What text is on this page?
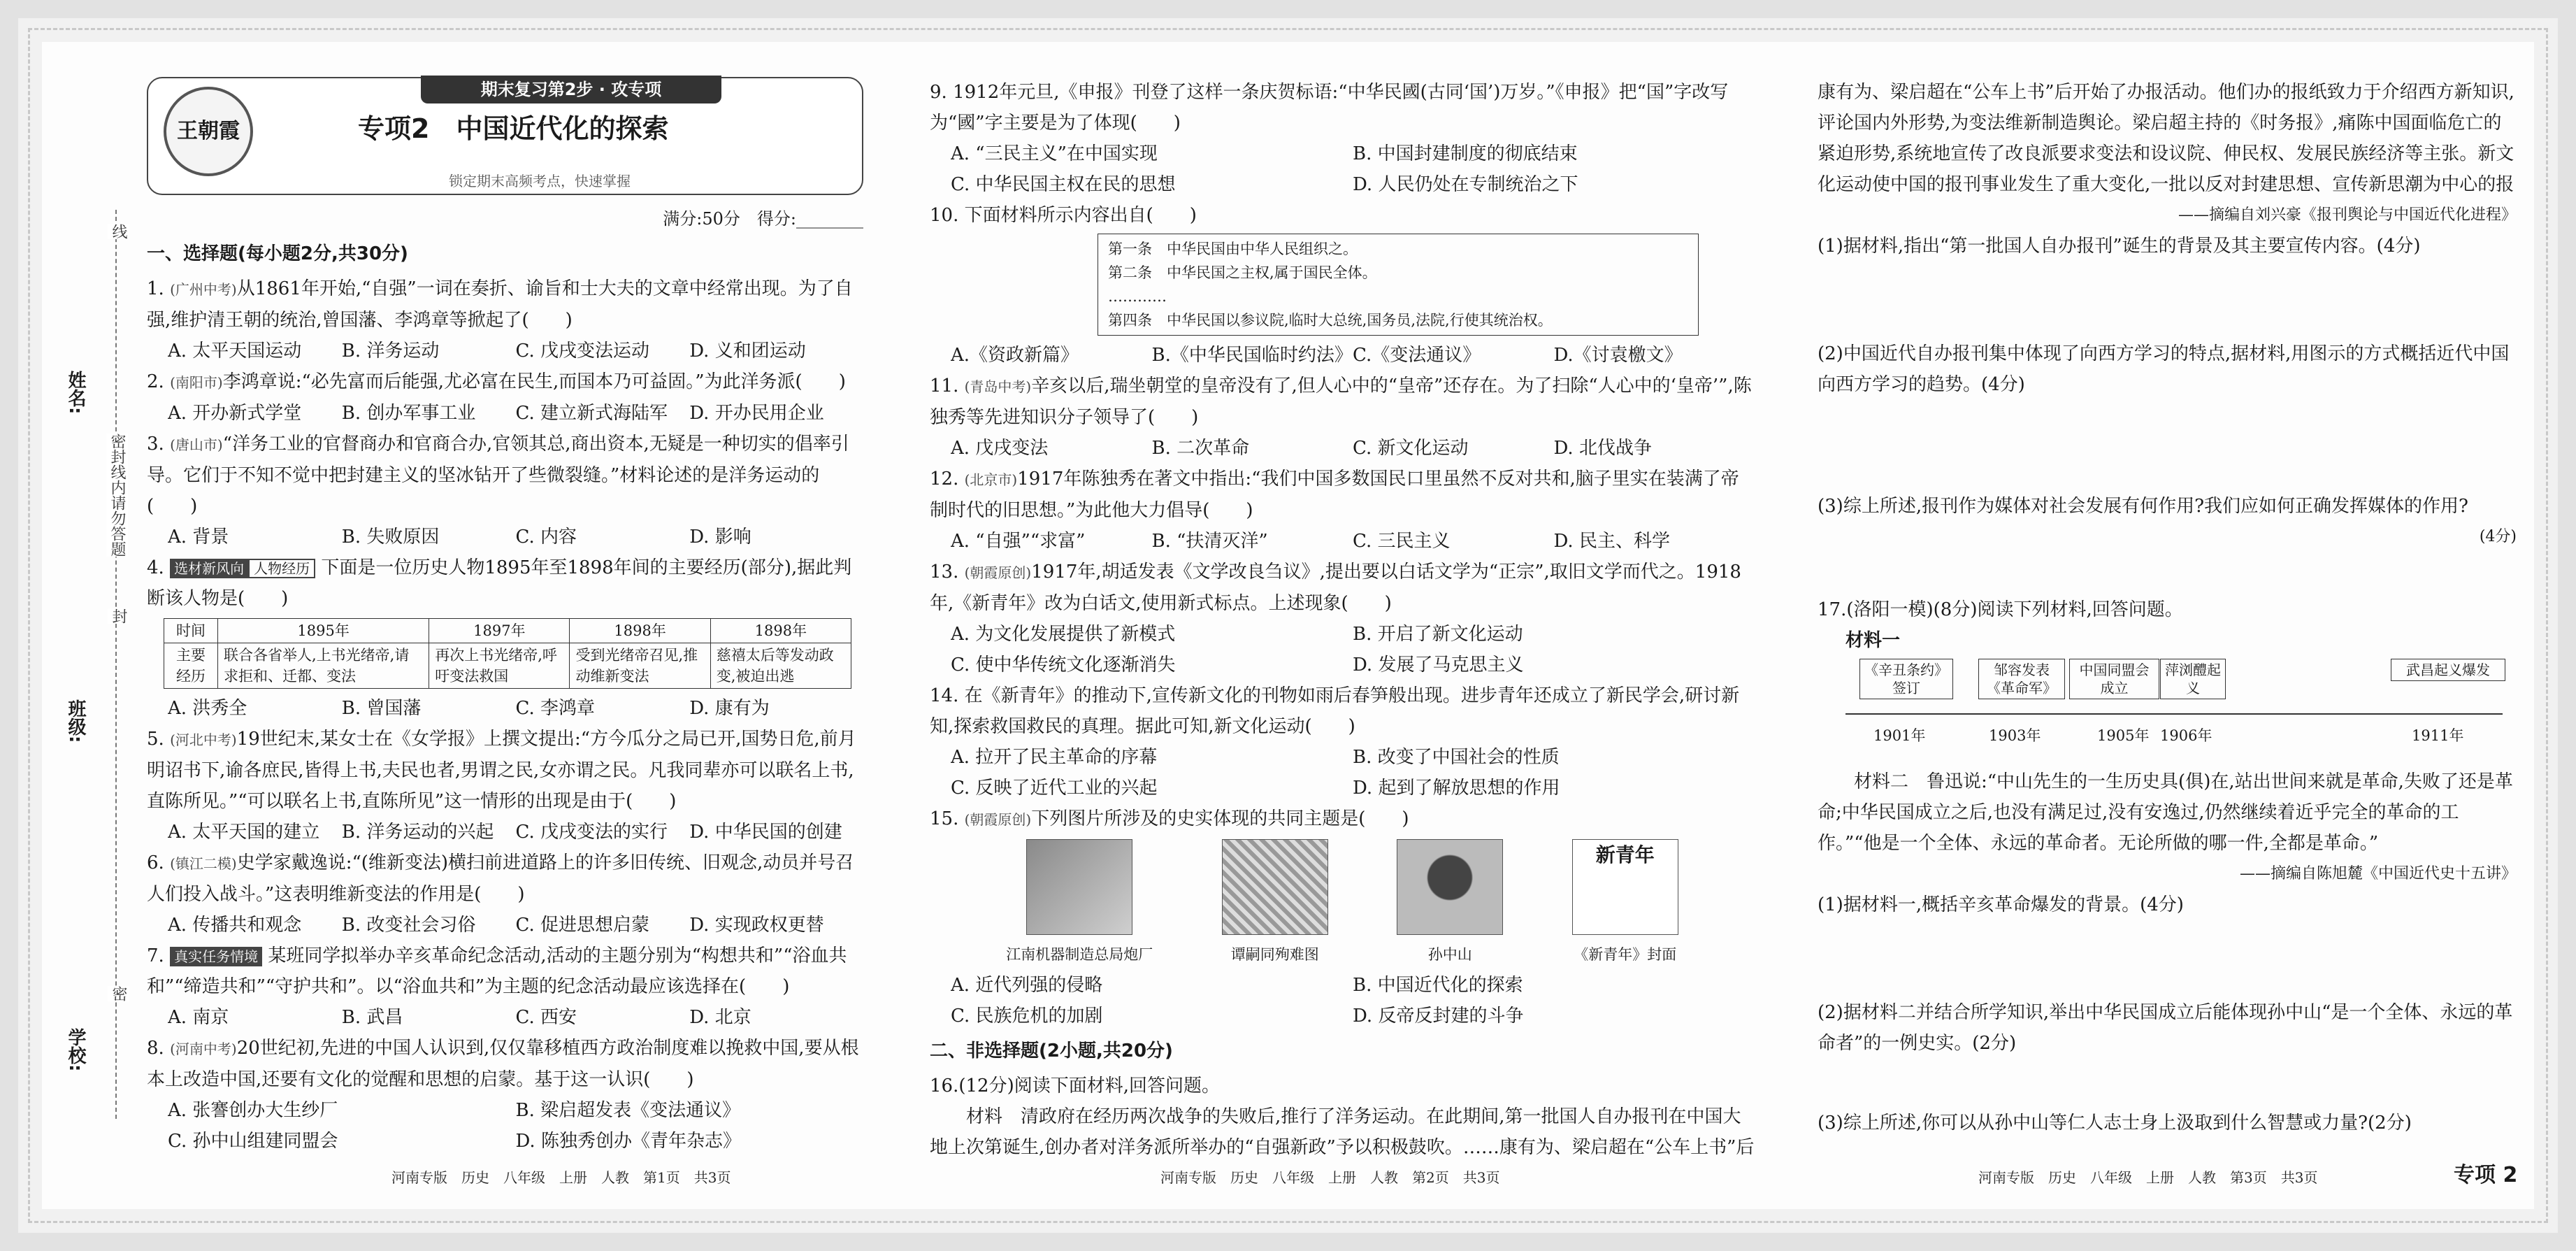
姓名:
班级:
学校:
密封线内请勿答题
线
封
密
王朝霞
期末复习第2步 · 攻专项
专项2　中国近代化的探索
锁定期末高频考点，快速掌握
满分:50分　得分:________
一、选择题(每小题2分,共30分)
1. (广州中考)从1861年开始,“自强”一词在奏折、谕旨和士大夫的文章中经常出现。为了自强,维护清王朝的统治,曾国藩、李鸿章等掀起了(　　)
A. 太平天国运动	B. 洋务运动	C. 戊戌变法运动	D. 义和团运动
2. (南阳市)李鸿章说:“必先富而后能强,尤必富在民生,而国本乃可益固。”为此洋务派(　　)
A. 开办新式学堂	B. 创办军事工业	C. 建立新式海陆军	D. 开办民用企业
3. (唐山市)“洋务工业的官督商办和官商合办,官领其总,商出资本,无疑是一种切实的倡率引导。它们于不知不觉中把封建主义的坚冰钻开了些微裂缝。”材料论述的是洋务运动的(　　)
A. 背景	B. 失败原因	C. 内容	D. 影响
4. 选材新风向 人物经历 下面是一位历史人物1895年至1898年间的主要经历(部分),据此判断该人物是(　　)
时间	1895年	1897年	1898年	1898年
主要经历	联合各省举人,上书光绪帝,请求拒和、迁都、变法	再次上书光绪帝,呼吁变法救国	受到光绪帝召见,推动维新变法	慈禧太后等发动政变,被迫出逃
A. 洪秀全	B. 曾国藩	C. 李鸿章	D. 康有为
5. (河北中考)19世纪末,某女士在《女学报》上撰文提出:“方今瓜分之局已开,国势日危,前月明诏书下,谕各庶民,皆得上书,夫民也者,男谓之民,女亦谓之民。凡我同辈亦可以联名上书,直陈所见。”“可以联名上书,直陈所见”这一情形的出现是由于(　　)
A. 太平天国的建立	B. 洋务运动的兴起	C. 戊戌变法的实行	D. 中华民国的创建
6. (镇江二模)史学家戴逸说:“(维新变法)横扫前进道路上的许多旧传统、旧观念,动员并号召人们投入战斗。”这表明维新变法的作用是(　　)
A. 传播共和观念	B. 改变社会习俗	C. 促进思想启蒙	D. 实现政权更替
7. 真实任务情境 某班同学拟举办辛亥革命纪念活动,活动的主题分别为“构想共和”“浴血共和”“缔造共和”“守护共和”。以“浴血共和”为主题的纪念活动最应该选择在(　　)
A. 南京	B. 武昌	C. 西安	D. 北京
8. (河南中考)20世纪初,先进的中国人认识到,仅仅靠移植西方政治制度难以挽救中国,要从根本上改造中国,还要有文化的觉醒和思想的启蒙。基于这一认识(　　)
A. 张謇创办大生纱厂	B. 梁启超发表《变法通议》
C. 孙中山组建同盟会	D. 陈独秀创办《青年杂志》
9. 1912年元旦,《申报》刊登了这样一条庆贺标语:“中华民國(古同‘国’)万岁。”《申报》把“国”字改写为“國”字主要是为了体现(　　)
A. “三民主义”在中国实现	B. 中国封建制度的彻底结束
C. 中华民国主权在民的思想	D. 人民仍处在专制统治之下
10. 下面材料所示内容出自(　　)
第一条　中华民国由中华人民组织之。
第二条　中华民国之主权,属于国民全体。
…………
第四条　中华民国以参议院,临时大总统,国务员,法院,行使其统治权。
A.《资政新篇》	B.《中华民国临时约法》 C.《变法通议》	D.《讨袁檄文》
11. (青岛中考)辛亥以后,瑞坐朝堂的皇帝没有了,但人心中的“皇帝”还存在。为了扫除“人心中的‘皇帝’”,陈独秀等先进知识分子领导了(　　)
A. 戊戌变法	B. 二次革命	C. 新文化运动	D. 北伐战争
12. (北京市)1917年陈独秀在著文中指出:“我们中国多数国民口里虽然不反对共和,脑子里实在装满了帝制时代的旧思想。”为此他大力倡导(　　)
A. “自强”“求富”	B. “扶清灭洋”	C. 三民主义	D. 民主、科学
13. (朝霞原创)1917年,胡适发表《文学改良刍议》,提出要以白话文学为“正宗”,取旧文学而代之。1918年,《新青年》改为白话文,使用新式标点。上述现象(　　)
A. 为文化发展提供了新模式	B. 开启了新文化运动
C. 使中华传统文化逐渐消失	D. 发展了马克思主义
14. 在《新青年》的推动下,宣传新文化的刊物如雨后春笋般出现。进步青年还成立了新民学会,研讨新知,探索救国救民的真理。据此可知,新文化运动(　　)
A. 拉开了民主革命的序幕	B. 改变了中国社会的性质
C. 反映了近代工业的兴起	D. 起到了解放思想的作用
15. (朝霞原创)下列图片所涉及的史实体现的共同主题是(　　)
江南机器制造总局炮厂	谭嗣同殉难图	孙中山
新青年
《新青年》封面
A. 近代列强的侵略	B. 中国近代化的探索
C. 民族危机的加剧	D. 反帝反封建的斗争
二、非选择题(2小题,共20分)
16.(12分)阅读下面材料,回答问题。
材料　清政府在经历两次战争的失败后,推行了洋务运动。在此期间,第一批国人自办报刊在中国大地上次第诞生,创办者对洋务派所举办的“自强新政”予以积极鼓吹。……康有为、梁启超在“公车上书”后
　康有为、梁启超在“公车上书”后开始了办报活动。他们办的报纸致力于介绍西方新知识,评论国内外形势,为变法维新制造舆论。梁启超主持的《时务报》,痛陈中国面临危亡的紧迫形势,系统地宣传了改良派要求变法和设议院、伸民权、发展民族经济等主张。新文化运动使中国的报刊事业发生了重大变化,一批以反对封建思想、宣传新思潮为中心的报
——摘编自刘兴豪《报刊舆论与中国近代化进程》
(1)据材料,指出“第一批国人自办报刊”诞生的背景及其主要宣传内容。(4分)
(2)中国近代自办报刊集中体现了向西方学习的特点,据材料,用图示的方式概括近代中国向西方学习的趋势。(4分)
(3)综上所述,报刊作为媒体对社会发展有何作用?我们应如何正确发挥媒体的作用?
(4分)
17.(洛阳一模)(8分)阅读下列材料,回答问题。
材料一
《辛丑条约》签订
邹容发表《革命军》
中国同盟会成立
萍浏醴起义
武昌起义爆发
1901年	1903年	1905年 1906年	1911年
材料二　鲁迅说:“中山先生的一生历史具(俱)在,站出世间来就是革命,失败了还是革命;中华民国成立之后,也没有满足过,没有安逸过,仍然继续着近乎完全的革命的工作。”“他是一个全体、永远的革命者。无论所做的哪一件,全都是革命。”
——摘编自陈旭麓《中国近代史十五讲》
(1)据材料一,概括辛亥革命爆发的背景。(4分)
(2)据材料二并结合所学知识,举出中华民国成立后能体现孙中山“是一个全体、永远的革命者”的一例史实。(2分)
(3)综上所述,你可以从孙中山等仁人志士身上汲取到什么智慧或力量?(2分)
河南专版　历史　八年级　上册　人教　第1页　共3页	河南专版　历史　八年级　上册　人教　第2页　共3页	河南专版　历史　八年级　上册　人教　第3页　共3页	专项 2
